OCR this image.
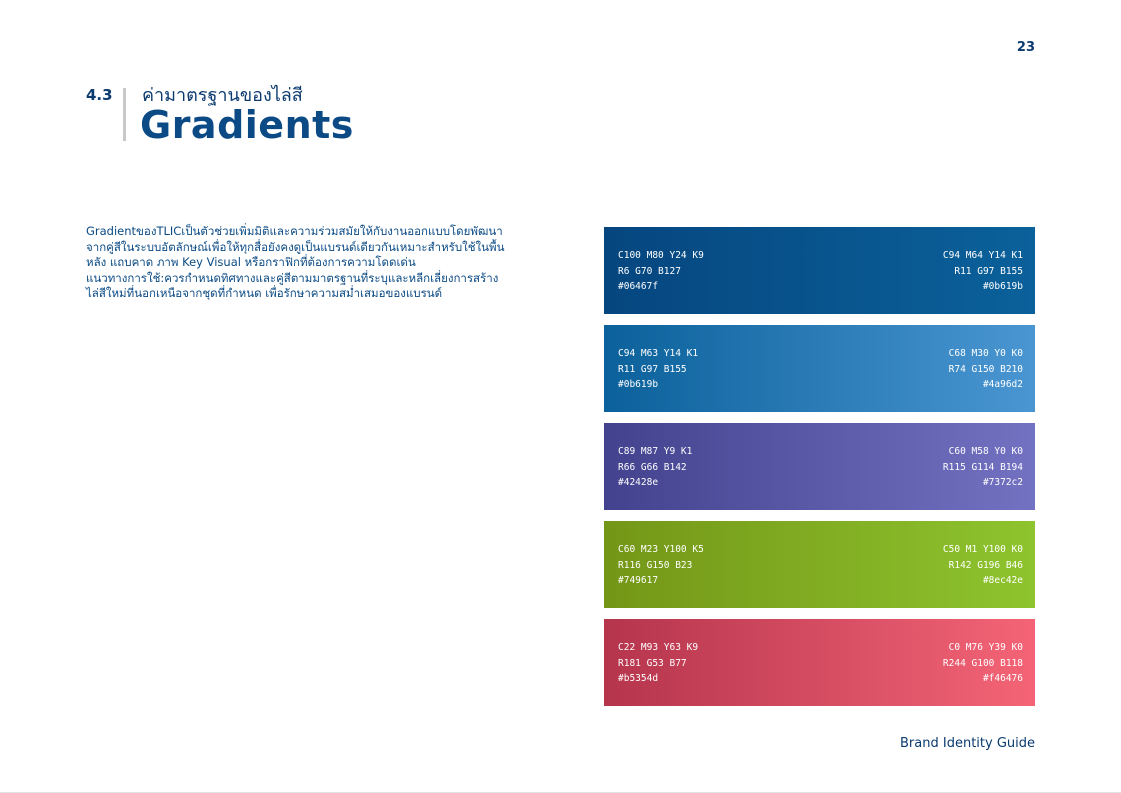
23
4.3 ค่ามาตรฐานของไล่สี
Gradients
GradientของTLICเป็นตัวช่วยเพิ่มมิติและความร่วมสมัยให้กับงานออกแบบโดยพัฒนา
จากคู่สีในระบบอัตลักษณ์เพื่อให้ทุกสื่อยังคงดูเป็นแบรนด์เดียวกันเหมาะสำหรับใช้ในพื้น
หลัง แถบคาด ภาพ Key Visual หรือกราฟิกที่ต้องการความโดดเด่น
แนวทางการใช้:ควรกำหนดทิศทางและคู่สีตามมาตรฐานที่ระบุและหลีกเลี่ยงการสร้าง
ไล่สีใหม่ที่นอกเหนือจากชุดที่กำหนด เพื่อรักษาความสม่ำเสมอของแบรนด์
C100 M80 Y24 K9
R6 G70 B127
#06467f
C94 M64 Y14 K1
R11 G97 B155
#0b619b
C94 M63 Y14 K1
R11 G97 B155
#0b619b
C68 M30 Y0 K0
R74 G150 B210
#4a96d2
C89 M87 Y9 K1
R66 G66 B142
#42428e
C60 M58 Y0 K0
R115 G114 B194
#7372c2
C60 M23 Y100 K5
R116 G150 B23
#749617
C50 M1 Y100 K0
R142 G196 B46
#8ec42e
C22 M93 Y63 K9
R181 G53 B77
#b5354d
C0 M76 Y39 K0
R244 G100 B118
#f46476
Brand Identity Guide
